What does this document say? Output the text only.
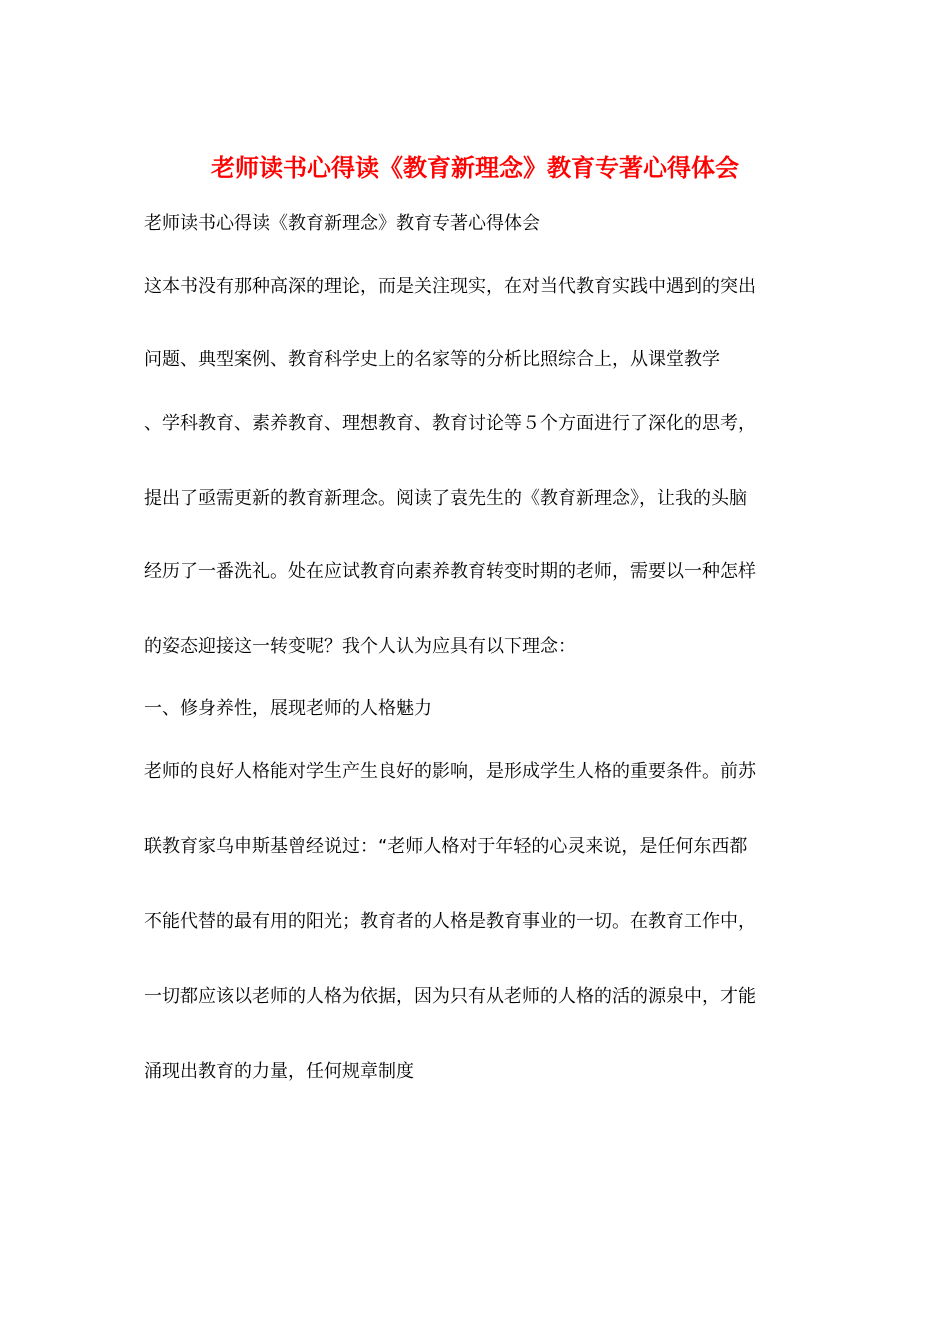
老师读书心得读《教育新理念》教育专著心得体会
老师读书心得读《教育新理念》教育专著心得体会
这本书没有那种高深的理论，而是关注现实，在对当代教育实践中遇到的突出
问题、典型案例、教育科学史上的名家等的分析比照综合上，从课堂教学
、学科教育、素养教育、理想教育、教育讨论等５个方面进行了深化的思考，
提出了亟需更新的教育新理念。阅读了袁先生的《教育新理念》，让我的头脑
经历了一番洗礼。处在应试教育向素养教育转变时期的老师，需要以一种怎样
的姿态迎接这一转变呢？我个人认为应具有以下理念：
一、修身养性，展现老师的人格魅力
老师的良好人格能对学生产生良好的影响，是形成学生人格的重要条件。前苏
联教育家乌申斯基曾经说过：“老师人格对于年轻的心灵来说，是任何东西都
不能代替的最有用的阳光；教育者的人格是教育事业的一切。在教育工作中，
一切都应该以老师的人格为依据，因为只有从老师的人格的活的源泉中，才能
涌现出教育的力量，任何规章制度
